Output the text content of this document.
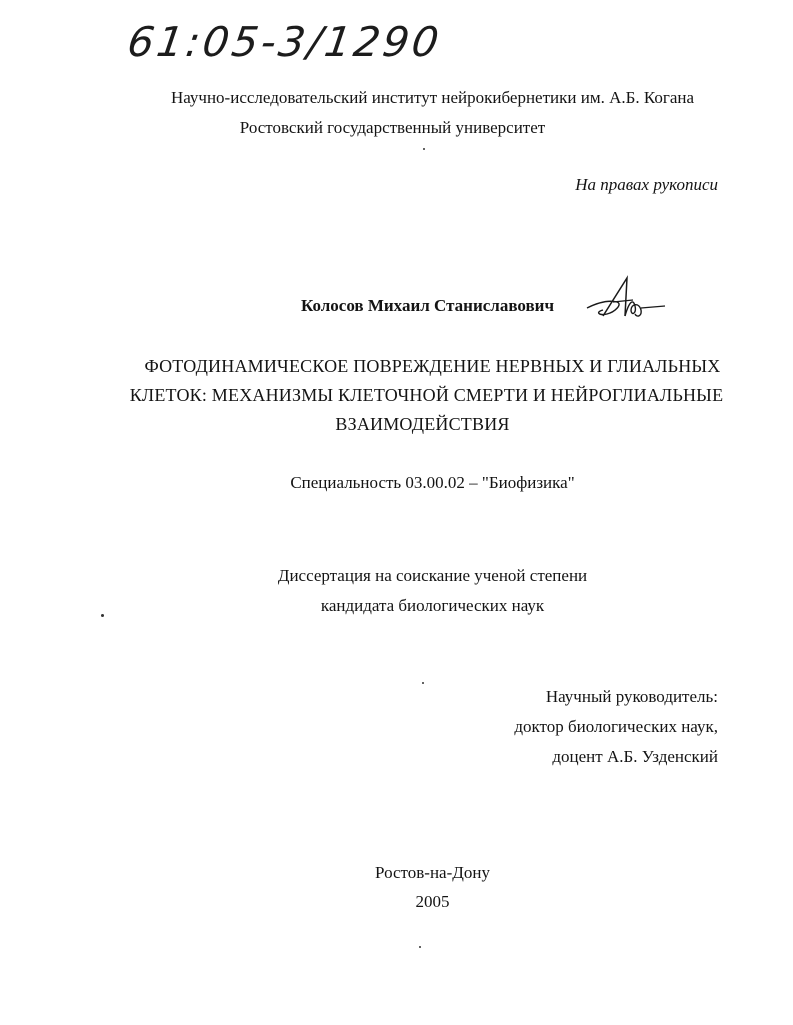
61:05-3/1290
Научно-исследовательский институт нейрокибернетики им. А.Б. Когана
Ростовский государственный университет
На правах рукописи
Колосов Михаил Станиславович
ФОТОДИНАМИЧЕСКОЕ ПОВРЕЖДЕНИЕ НЕРВНЫХ И ГЛИАЛЬНЫХ
КЛЕТОК: МЕХАНИЗМЫ КЛЕТОЧНОЙ СМЕРТИ И НЕЙРОГЛИАЛЬНЫЕ
ВЗАИМОДЕЙСТВИЯ
Специальность 03.00.02 – "Биофизика"
Диссертация на соискание ученой степени
кандидата биологических наук
Научный руководитель:
доктор биологических наук,
доцент А.Б. Узденский
Ростов-на-Дону
2005
